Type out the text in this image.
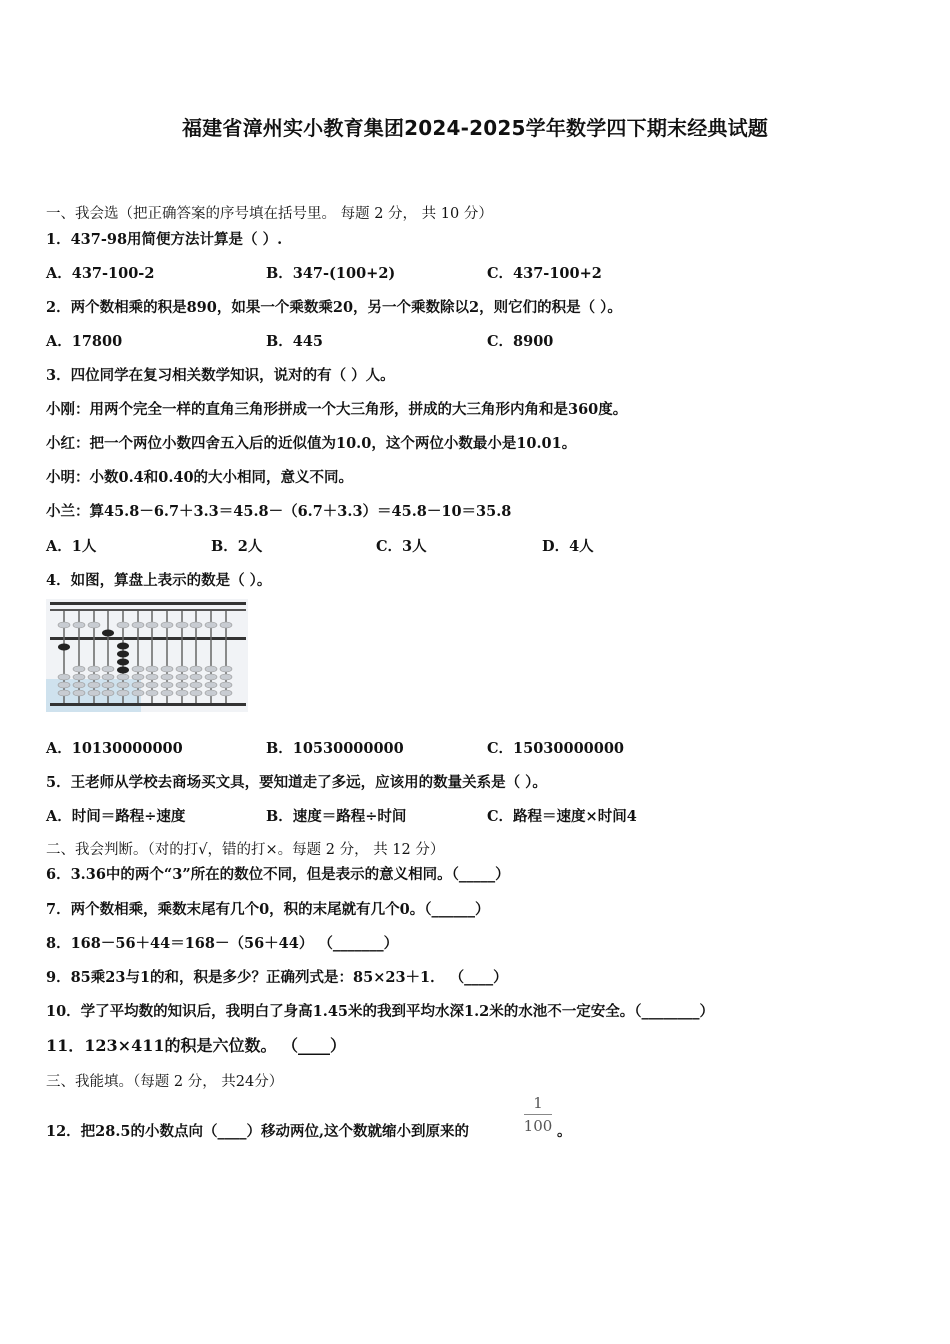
福建省漳州实小教育集团2024-2025学年数学四下期末经典试题
一、我会选（把正确答案的序号填在括号里。 每题 2 分， 共 10 分）
1．437-98用简便方法计算是（ ）.
A．437-100-2	B．347-(100+2)	C．437-100+2
2．两个数相乘的积是890，如果一个乘数乘20，另一个乘数除以2，则它们的积是（ ）。
A．17800	B．445	C．8900
3．四位同学在复习相关数学知识，说对的有（ ）人。
小刚：用两个完全一样的直角三角形拼成一个大三角形，拼成的大三角形内角和是360度。
小红：把一个两位小数四舍五入后的近似值为10.0，这个两位小数最小是10.01。
小明：小数0.4和0.40的大小相同，意义不同。
小兰：算45.8－6.7＋3.3＝45.8－（6.7＋3.3）＝45.8－10＝35.8
A．1人	B．2人	C．3人	D．4人
4．如图，算盘上表示的数是（ ）。
A．10130000000	B．10530000000	C．15030000000
5．王老师从学校去商场买文具，要知道走了多远，应该用的数量关系是（ ）。
A．时间＝路程÷速度	B．速度＝路程÷时间	C．路程＝速度×时间4
二、我会判断。（对的打√，错的打×。每题 2 分， 共 12 分）
6．3.36中的两个“3”所在的数位不同，但是表示的意义相同。（_____）
7．两个数相乘，乘数末尾有几个0，积的末尾就有几个0。（______）
8．168－56＋44＝168－（56＋44） （_______）
9．85乘23与1的和，积是多少？正确列式是：85×23＋1． （____）
10．学了平均数的知识后，我明白了身高1.45米的我到平均水深1.2米的水池不一定安全。（________）
11．123×411的积是六位数。 （____）
三、我能填。（每题 2 分， 共24分）
12．把28.5的小数点向（____）移动两位,这个数就缩小到原来的
1
100 。
